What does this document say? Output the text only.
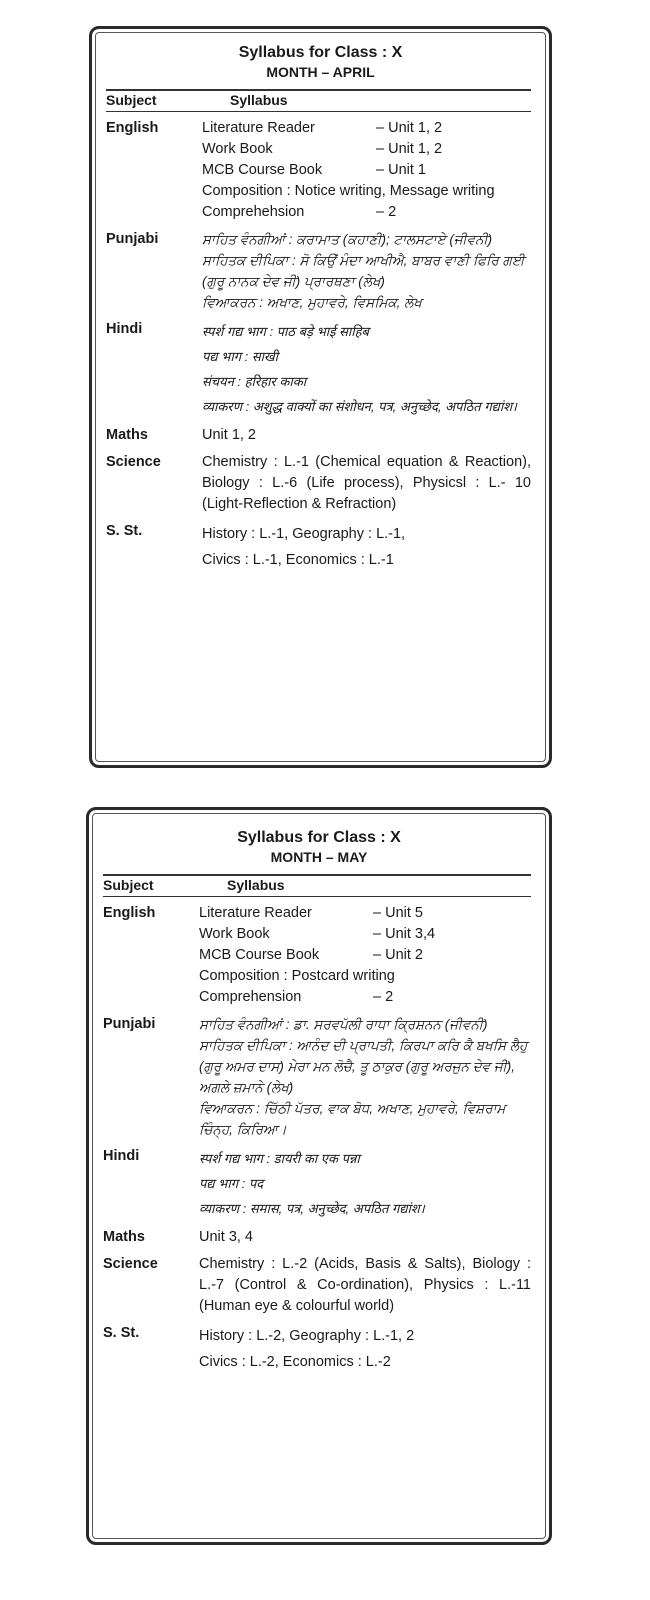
Syllabus for Class : X
MONTH – APRIL
Subject	Syllabus
English	Literature Reader	– Unit 1, 2
Work Book	– Unit 1, 2
MCB Course Book	– Unit 1
Composition : Notice writing, Message writing
Comprehehsion	– 2
Punjabi	ਸਾਹਿਤ ਵੰਨਗੀਆਂ : ਕਰਾਮਾਤ (ਕਹਾਣੀ); ਟਾਲਸਟਾਏ (ਜੀਵਨੀ)
ਸਾਹਿਤਕ ਦੀਪਿਕਾ : ਸੋ ਕਿਉਂ ਮੰਦਾ ਆਖੀਐ, ਬਾਬਰ ਵਾਣੀ ਫਿਰਿ ਗਈ (ਗੁਰੂ ਨਾਨਕ ਦੇਵ ਜੀ) ਪ੍ਰਾਰਥਣਾ (ਲੇਖ)
ਵਿਆਕਰਨ : ਅਖਾਣ, ਮੁਹਾਵਰੇ, ਵਿਸਮਿਕ, ਲੇਖ
Hindi	स्पर्श गद्य भाग : पाठ बड़े भाई साहिब
पद्य भाग : साखी
संचयन : हरिहार काका
व्याकरण : अशुद्ध वाक्यों का संशोधन, पत्र, अनुच्छेद, अपठित गद्यांश।
Maths	Unit 1, 2
Science	Chemistry : L.-1 (Chemical equation & Reaction), Biology : L.-6 (Life process), Physicsl : L.- 10 (Light-Reflection & Refraction)
S. St.	History : L.-1, Geography : L.-1,
Civics : L.-1, Economics : L.-1
Syllabus for Class : X
MONTH – MAY
Subject	Syllabus
English	Literature Reader	– Unit 5
Work Book	– Unit 3,4
MCB Course Book	– Unit 2
Composition : Postcard writing
Comprehension	– 2
Punjabi	ਸਾਹਿਤ ਵੰਨਗੀਆਂ : ਡਾ. ਸਰਵਪੱਲੀ ਰਾਧਾ ਕ੍ਰਿਸ਼ਨਨ (ਜੀਵਨੀ)
ਸਾਹਿਤਕ ਦੀਪਿਕਾ : ਆਨੰਦ ਦੀ ਪ੍ਰਾਪਤੀ, ਕਿਰਪਾ ਕਰਿ ਕੈ ਬਖਸਿ ਲੈਹੁ (ਗੁਰੂ ਅਮਰ ਦਾਸ) ਮੇਰਾ ਮਨ ਲੋਚੈ, ਤੂ ਠਾਕੁਰ (ਗੁਰੂ ਅਰਜੁਨ ਦੇਵ ਜੀ), ਅਗਲੇ ਜ਼ਮਾਨੇ (ਲੇਖ)
ਵਿਆਕਰਨ : ਚਿੱਠੀ ਪੱਤਰ, ਵਾਕ ਬੋਧ, ਅਖਾਣ, ਮੁਹਾਵਰੇ, ਵਿਸ਼ਰਾਮ ਚਿੰਨ੍ਹ, ਕਿਰਿਆ।
Hindi	स्पर्श गद्य भाग : डायरी का एक पन्ना
पद्य भाग : पद
व्याकरण : समास, पत्र, अनुच्छेद, अपठित गद्यांश।
Maths	Unit 3, 4
Science	Chemistry : L.-2 (Acids, Basis & Salts), Biology : L.-7 (Control & Co-ordination), Physics : L.-11 (Human eye & colourful world)
S. St.	History : L.-2, Geography : L.-1, 2
Civics : L.-2, Economics : L.-2
